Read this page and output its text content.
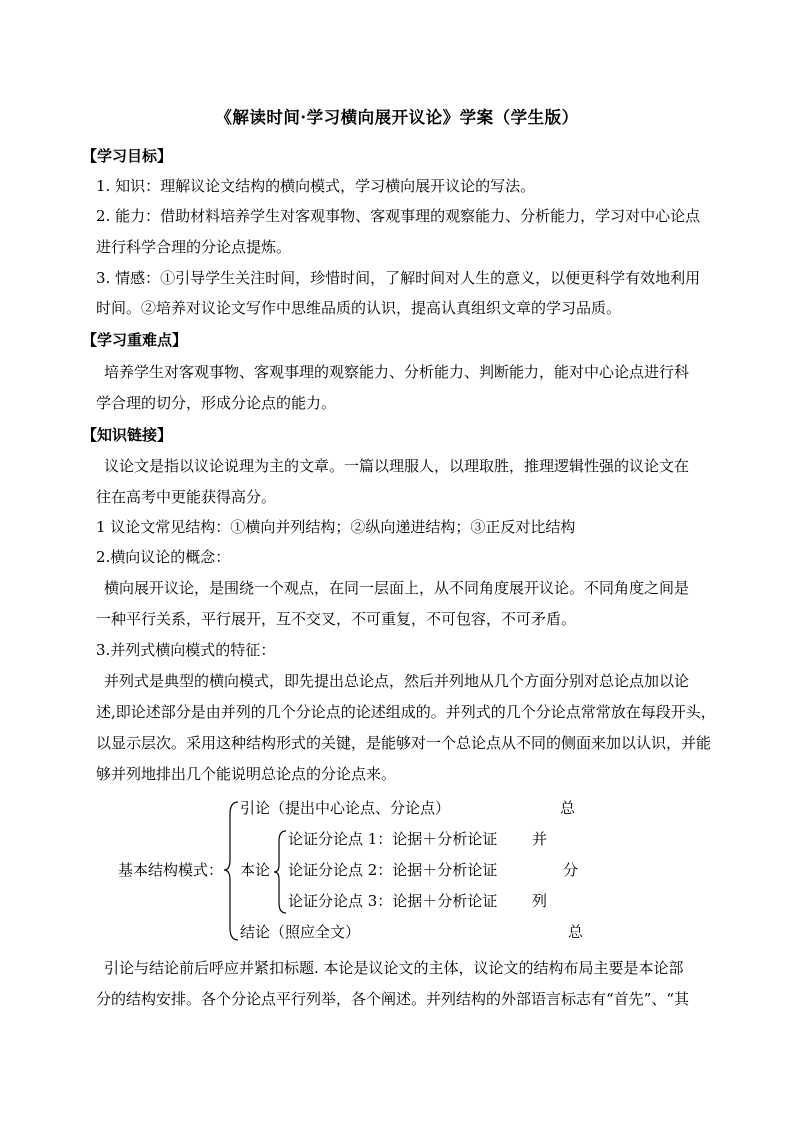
《解读时间·学习横向展开议论》学案（学生版）
【学习目标】
1. 知识：理解议论文结构的横向模式，学习横向展开议论的写法。
2. 能力：借助材料培养学生对客观事物、客观事理的观察能力、分析能力，学习对中心论点
进行科学合理的分论点提炼。
3. 情感：①引导学生关注时间，珍惜时间，了解时间对人生的意义，以便更科学有效地利用
时间。②培养对议论文写作中思维品质的认识，提高认真组织文章的学习品质。
【学习重难点】
培养学生对客观事物、客观事理的观察能力、分析能力、判断能力，能对中心论点进行科
学合理的切分，形成分论点的能力。
【知识链接】
议论文是指以议论说理为主的文章。一篇以理服人，以理取胜，推理逻辑性强的议论文在
往在高考中更能获得高分。
1 议论文常见结构：①横向并列结构；②纵向递进结构；③正反对比结构
2.横向议论的概念：
横向展开议论，是围绕一个观点，在同一层面上，从不同角度展开议论。不同角度之间是
一种平行关系，平行展开，互不交叉，不可重复，不可包容，不可矛盾。
3.并列式横向模式的特征：
并列式是典型的横向模式，即先提出总论点，然后并列地从几个方面分别对总论点加以论
述,即论述部分是由并列的几个分论点的论述组成的。并列式的几个分论点常常放在每段开头，
以显示层次。采用这种结构形式的关键，是能够对一个总论点从不同的侧面来加以认识，并能
够并列地排出几个能说明总论点的分论点来。
引论（提出中心论点、分论点）	总
论证分论点 1：论据＋分析论证 并
基本结构模式： 本论 论证分论点 2：论据＋分析论证	分
论证分论点 3：论据＋分析论证 列
结论（照应全文）	总
引论与结论前后呼应并紧扣标题. 本论是议论文的主体，议论文的结构布局主要是本论部
分的结构安排。各个分论点平行列举，各个阐述。并列结构的外部语言标志有“首先”、“其
